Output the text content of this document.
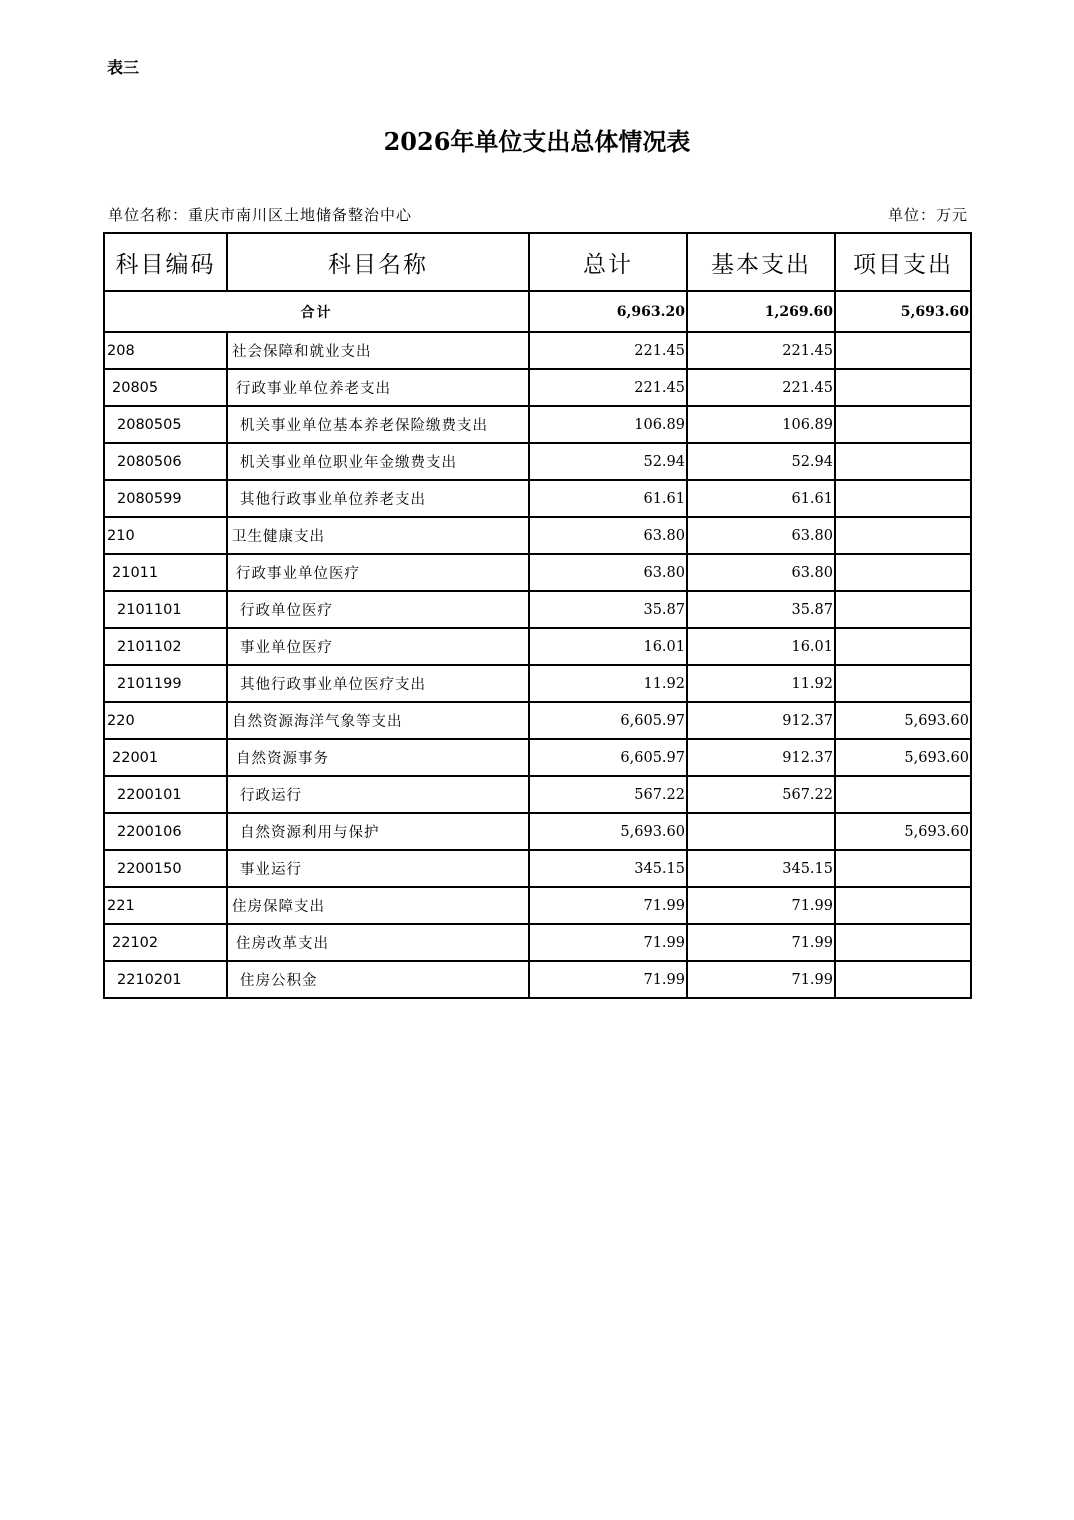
表三
2026年单位支出总体情况表
单位名称：重庆市南川区土地储备整治中心	单位：万元
科目编码	科目名称	总计	基本支出	项目支出
合计		6,963.20	1,269.60	5,693.60
208	社会保障和就业支出	221.45	221.45	
20805	行政事业单位养老支出	221.45	221.45	
2080505	机关事业单位基本养老保险缴费支出	106.89	106.89	
2080506	机关事业单位职业年金缴费支出	52.94	52.94	
2080599	其他行政事业单位养老支出	61.61	61.61	
210	卫生健康支出	63.80	63.80	
21011	行政事业单位医疗	63.80	63.80	
2101101	行政单位医疗	35.87	35.87	
2101102	事业单位医疗	16.01	16.01	
2101199	其他行政事业单位医疗支出	11.92	11.92	
220	自然资源海洋气象等支出	6,605.97	912.37	5,693.60
22001	自然资源事务	6,605.97	912.37	5,693.60
2200101	行政运行	567.22	567.22	
2200106	自然资源利用与保护	5,693.60		5,693.60
2200150	事业运行	345.15	345.15	
221	住房保障支出	71.99	71.99	
22102	住房改革支出	71.99	71.99	
2210201	住房公积金	71.99	71.99	
